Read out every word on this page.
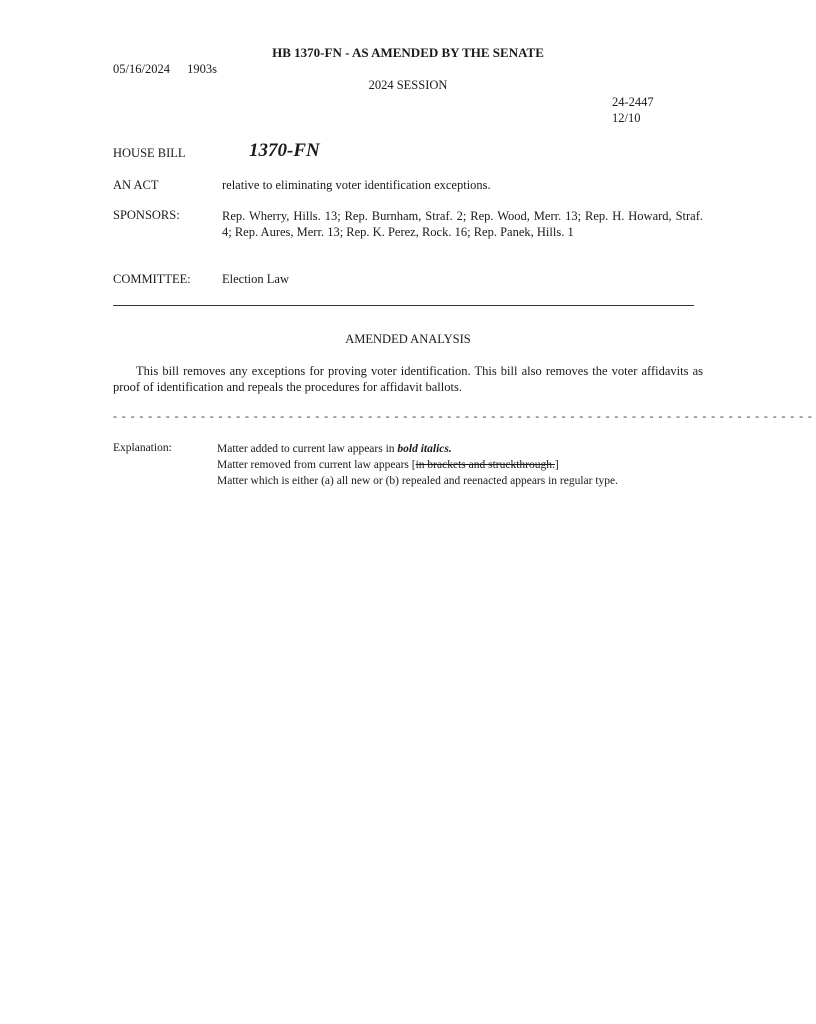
HB 1370-FN - AS AMENDED BY THE SENATE
05/16/2024 1903s
2024 SESSION
24-2447
12/10
HOUSE BILL	1370-FN
AN ACT	relative to eliminating voter identification exceptions.
SPONSORS:	Rep. Wherry, Hills. 13; Rep. Burnham, Straf. 2; Rep. Wood, Merr. 13; Rep. H. Howard, Straf. 4; Rep. Aures, Merr. 13; Rep. K. Perez, Rock. 16; Rep. Panek, Hills. 1
COMMITTEE: Election Law
AMENDED ANALYSIS
This bill removes any exceptions for proving voter identification. This bill also removes the voter affidavits as proof of identification and repeals the procedures for affidavit ballots.
- - - - - - - - - - - - - - - - - - - - - - - - - - - - - - - - - - - - - - - - - - - - - - - - - - - - - - - - - - - - - - - - - - - - - - - - - - - - - - - -
Explanation:	Matter added to current law appears in bold italics.
Matter removed from current law appears [in brackets and struckthrough.]
Matter which is either (a) all new or (b) repealed and reenacted appears in regular type.
